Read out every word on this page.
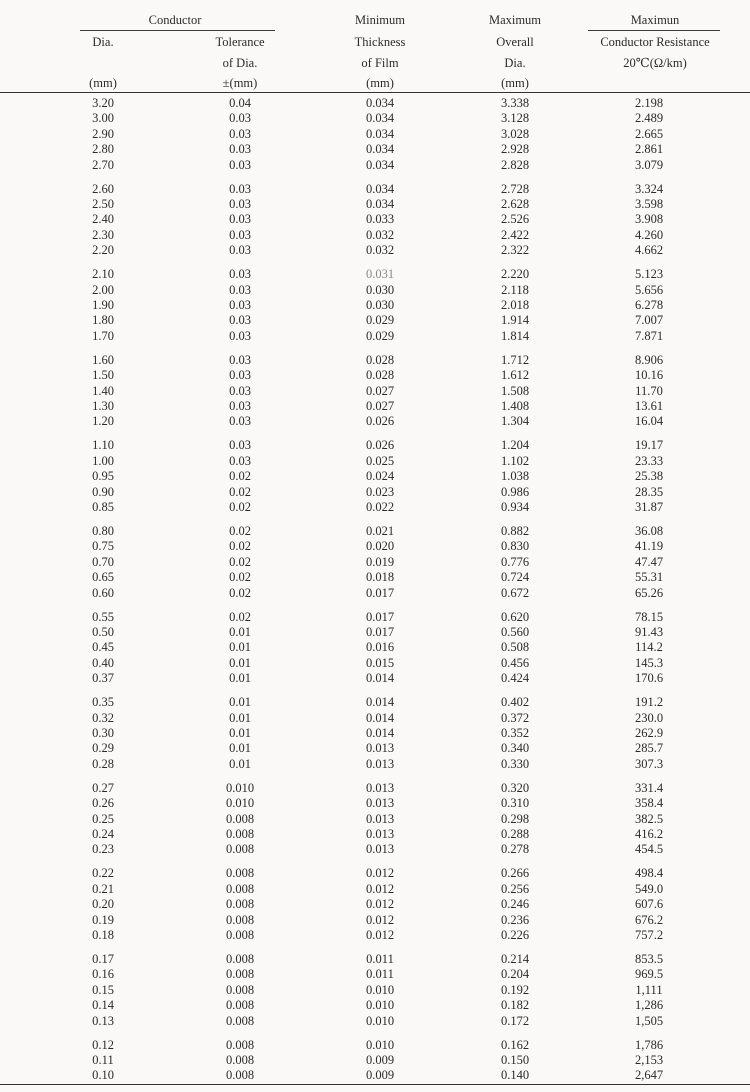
Conductor
Dia.	Tolerance
of Dia.
±(mm)
(mm)
Minimum
Thickness
of Film
(mm)
Maximum
Overall
Dia.
(mm)
Maximun
Conductor Resistance
20℃(Ω/km)
3.20	0.04	0.034	3.338	2.198
3.00	0.03	0.034	3.128	2.489
2.90	0.03	0.034	3.028	2.665
2.80	0.03	0.034	2.928	2.861
2.70	0.03	0.034	2.828	3.079
2.60	0.03	0.034	2.728	3.324
2.50	0.03	0.034	2.628	3.598
2.40	0.03	0.033	2.526	3.908
2.30	0.03	0.032	2.422	4.260
2.20	0.03	0.032	2.322	4.662
2.10	0.03	0.031	2.220	5.123
2.00	0.03	0.030	2.118	5.656
1.90	0.03	0.030	2.018	6.278
1.80	0.03	0.029	1.914	7.007
1.70	0.03	0.029	1.814	7.871
1.60	0.03	0.028	1.712	8.906
1.50	0.03	0.028	1.612	10.16
1.40	0.03	0.027	1.508	11.70
1.30	0.03	0.027	1.408	13.61
1.20	0.03	0.026	1.304	16.04
1.10	0.03	0.026	1.204	19.17
1.00	0.03	0.025	1.102	23.33
0.95	0.02	0.024	1.038	25.38
0.90	0.02	0.023	0.986	28.35
0.85	0.02	0.022	0.934	31.87
0.80	0.02	0.021	0.882	36.08
0.75	0.02	0.020	0.830	41.19
0.70	0.02	0.019	0.776	47.47
0.65	0.02	0.018	0.724	55.31
0.60	0.02	0.017	0.672	65.26
0.55	0.02	0.017	0.620	78.15
0.50	0.01	0.017	0.560	91.43
0.45	0.01	0.016	0.508	114.2
0.40	0.01	0.015	0.456	145.3
0.37	0.01	0.014	0.424	170.6
0.35	0.01	0.014	0.402	191.2
0.32	0.01	0.014	0.372	230.0
0.30	0.01	0.014	0.352	262.9
0.29	0.01	0.013	0.340	285.7
0.28	0.01	0.013	0.330	307.3
0.27	0.010	0.013	0.320	331.4
0.26	0.010	0.013	0.310	358.4
0.25	0.008	0.013	0.298	382.5
0.24	0.008	0.013	0.288	416.2
0.23	0.008	0.013	0.278	454.5
0.22	0.008	0.012	0.266	498.4
0.21	0.008	0.012	0.256	549.0
0.20	0.008	0.012	0.246	607.6
0.19	0.008	0.012	0.236	676.2
0.18	0.008	0.012	0.226	757.2
0.17	0.008	0.011	0.214	853.5
0.16	0.008	0.011	0.204	969.5
0.15	0.008	0.010	0.192	1,111
0.14	0.008	0.010	0.182	1,286
0.13	0.008	0.010	0.172	1,505
0.12	0.008	0.010	0.162	1,786
0.11	0.008	0.009	0.150	2,153
0.10	0.008	0.009	0.140	2,647
